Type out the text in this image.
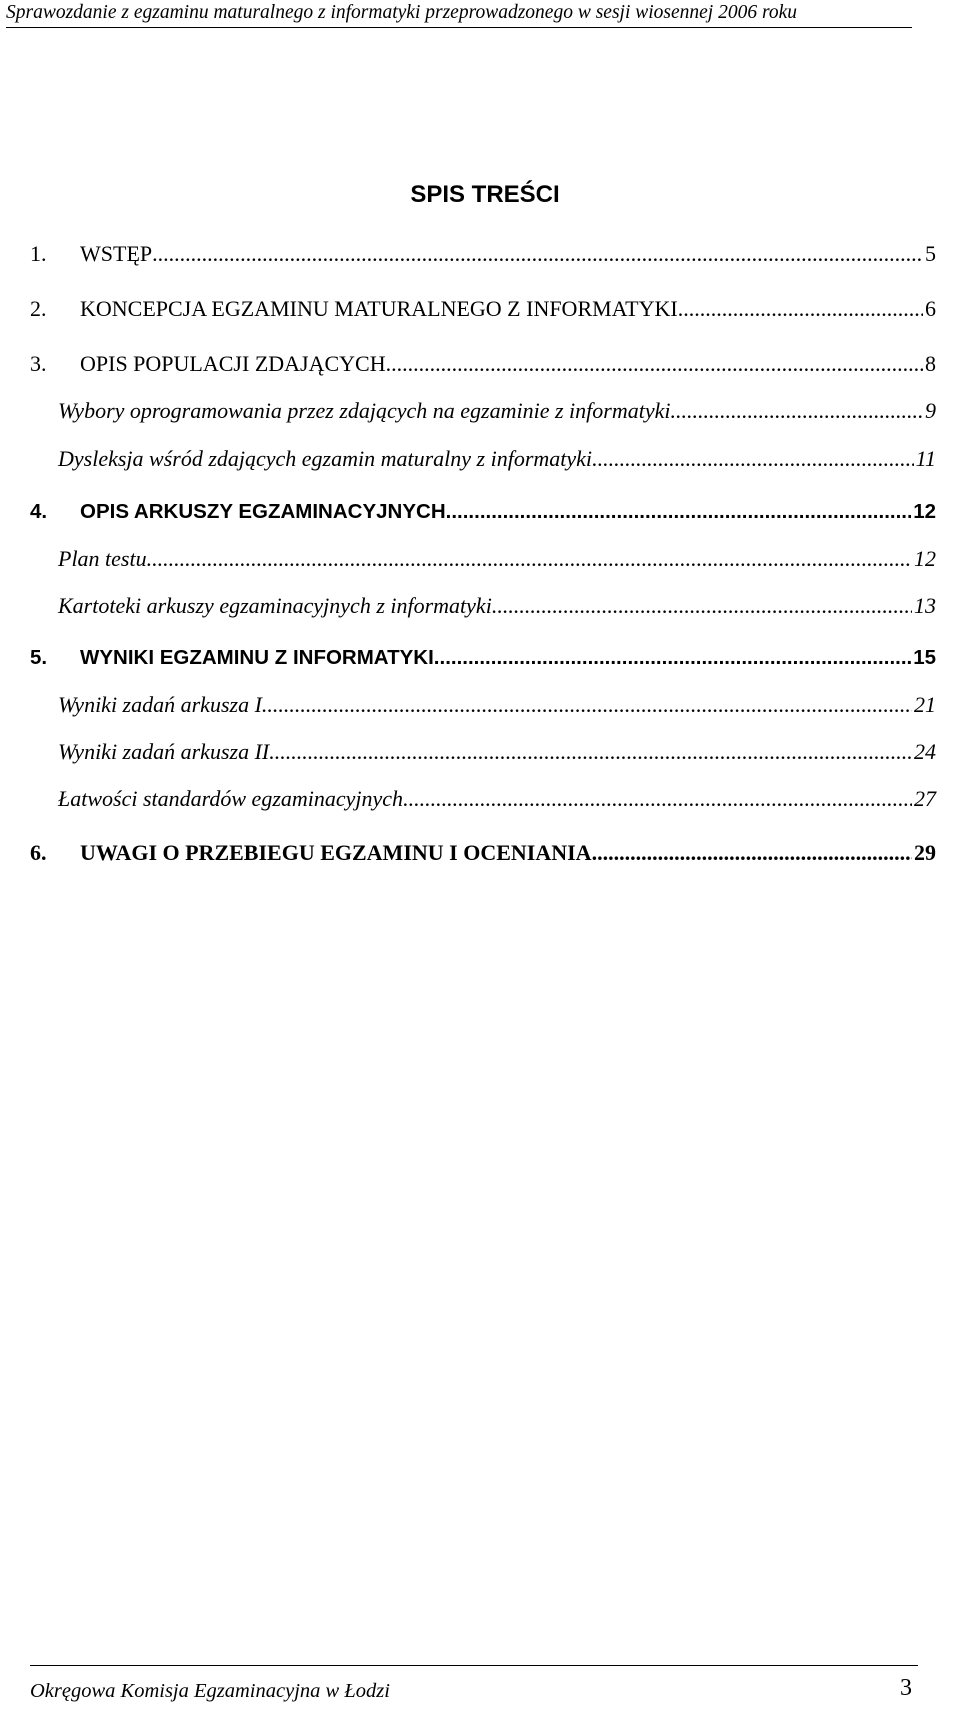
Sprawozdanie z egzaminu maturalnego z informatyki przeprowadzonego w sesji wiosennej 2006 roku
SPIS TREŚCI
1.	WSTĘP .....	5
2.	KONCEPCJA EGZAMINU MATURALNEGO Z INFORMATYKI .....	6
3.	OPIS POPULACJI ZDAJĄCYCH .....	8
Wybory oprogramowania przez zdających na egzaminie z informatyki. .....	9
Dysleksja wśród zdających egzamin maturalny z informatyki .....	11
4.	OPIS ARKUSZY EGZAMINACYJNYCH .....	12
Plan testu .....	12
Kartoteki arkuszy egzaminacyjnych z informatyki .....	13
5.	WYNIKI EGZAMINU Z INFORMATYKI .....	15
Wyniki zadań arkusza I .....	21
Wyniki zadań arkusza II .....	24
Łatwości standardów egzaminacyjnych .....	27
6.	UWAGI O PRZEBIEGU EGZAMINU I OCENIANIA .....	29
Okręgowa Komisja Egzaminacyjna w Łodzi	3
